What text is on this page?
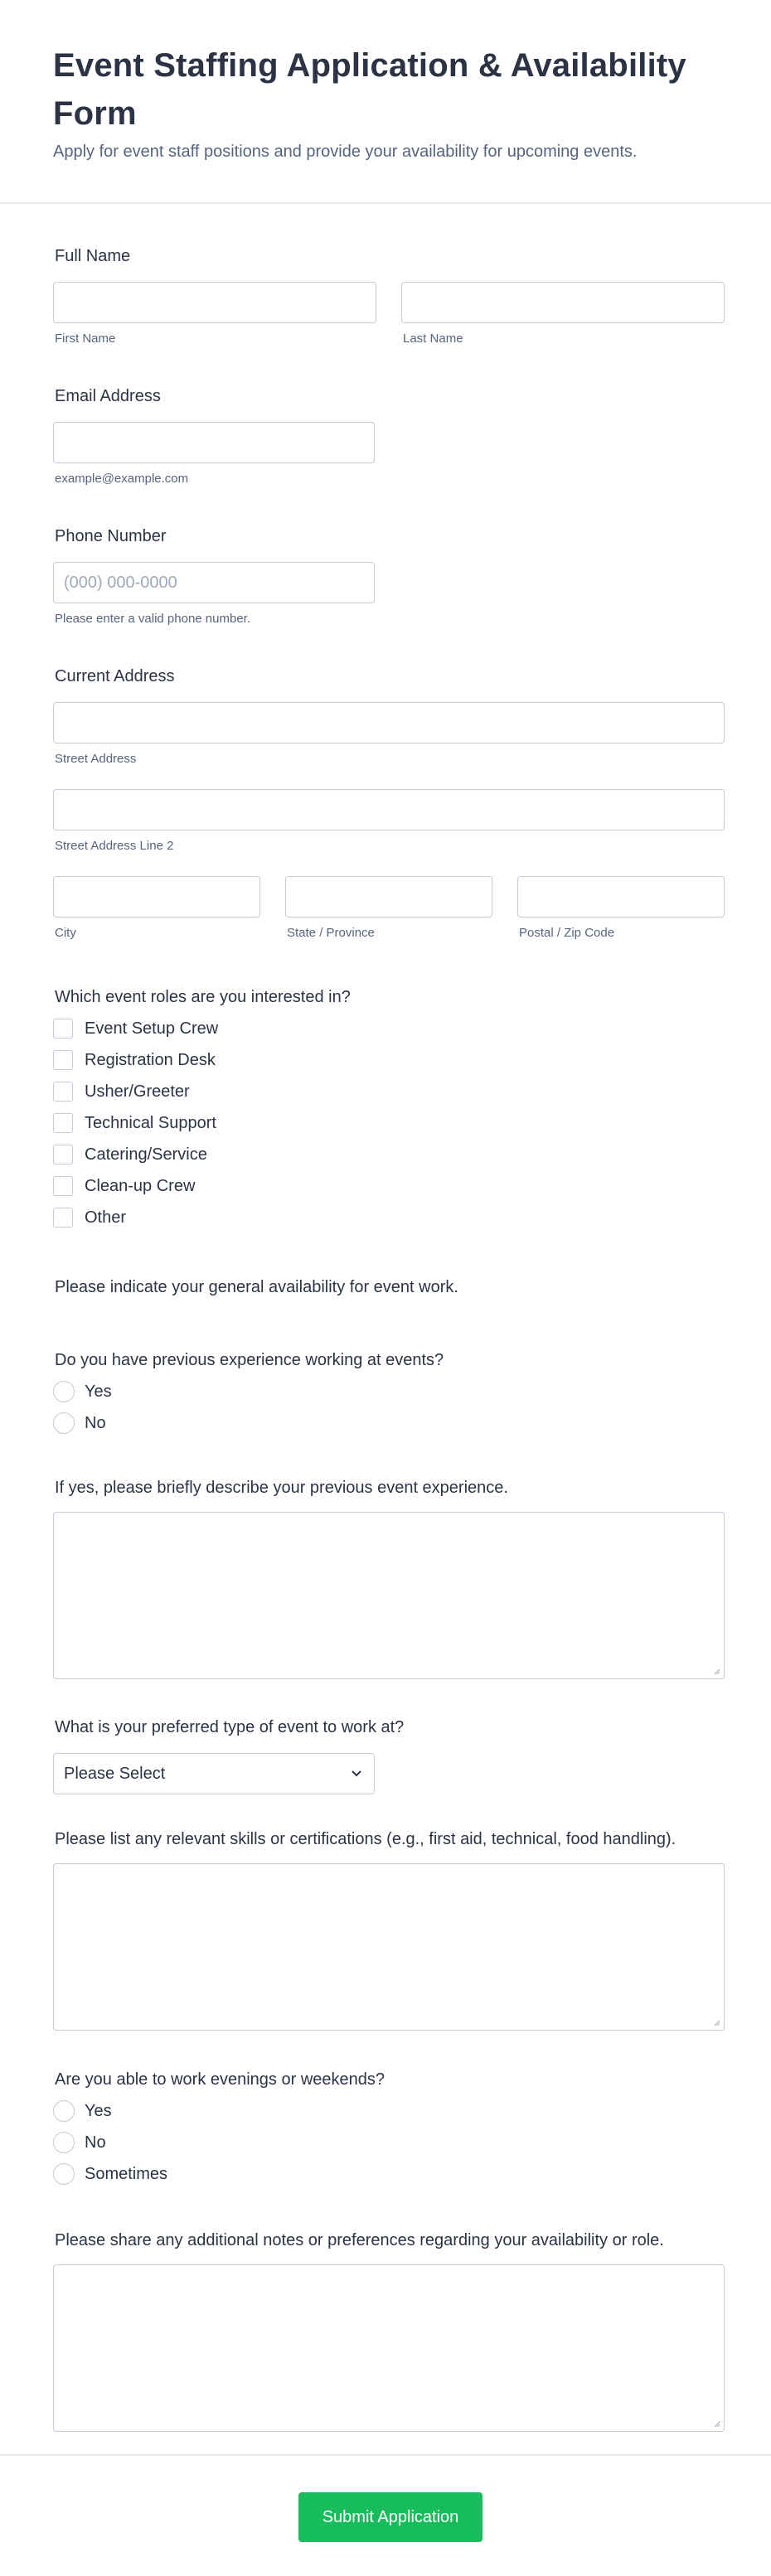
Event Staffing Application & Availability Form

Apply for event staff positions and provide your availability for upcoming events.

Full Name
First Name	Last Name
Email Address
example@example.com
Phone Number
(000) 000-0000
Please enter a valid phone number.
Current Address
Street Address
Street Address Line 2
City	State / Province	Postal / Zip Code
Which event roles are you interested in?
Event Setup Crew
Registration Desk
Usher/Greeter
Technical Support
Catering/Service
Clean-up Crew
Other
Please indicate your general availability for event work.
Do you have previous experience working at events?
Yes
No
If yes, please briefly describe your previous event experience.
What is your preferred type of event to work at?
Please Select
Please list any relevant skills or certifications (e.g., first aid, technical, food handling).
Are you able to work evenings or weekends?
Yes
No
Sometimes
Please share any additional notes or preferences regarding your availability or role.
Submit Application
